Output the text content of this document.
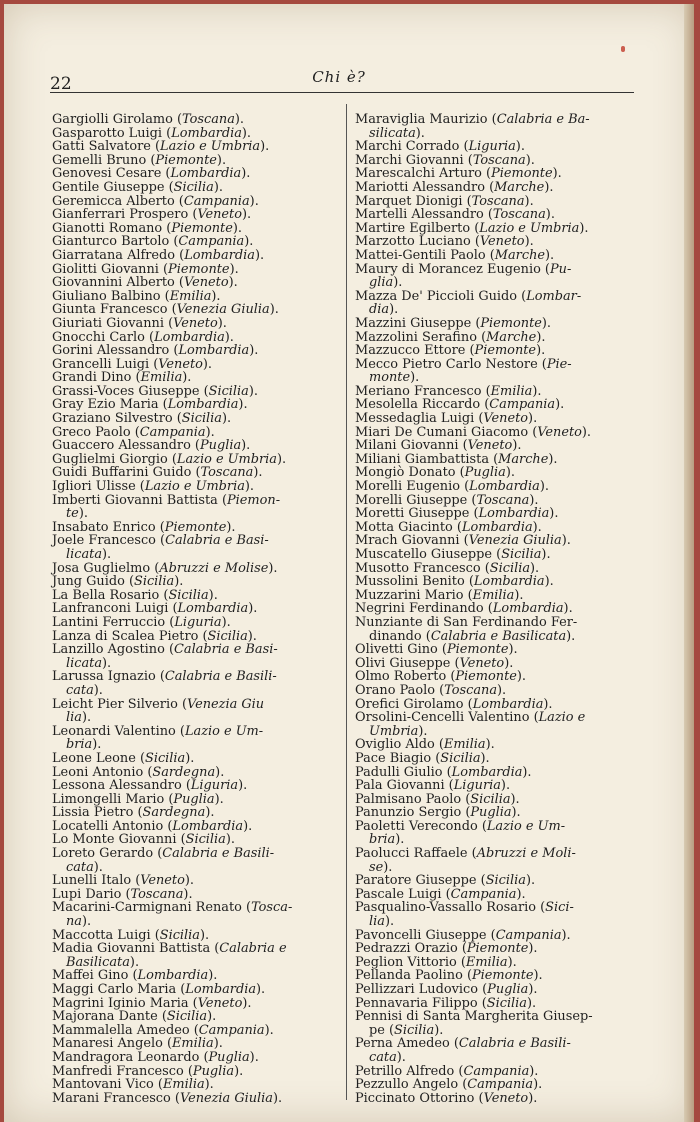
22	Chi è?
Gargiolli Girolamo (Toscana).
Gasparotto Luigi (Lombardia).
Gatti Salvatore (Lazio e Umbria).
Gemelli Bruno (Piemonte).
Genovesi Cesare (Lombardia).
Gentile Giuseppe (Sicilia).
Geremicca Alberto (Campania).
Gianferrari Prospero (Veneto).
Gianotti Romano (Piemonte).
Gianturco Bartolo (Campania).
Giarratana Alfredo (Lombardia).
Giolitti Giovanni (Piemonte).
Giovannini Alberto (Veneto).
Giuliano Balbino (Emilia).
Giunta Francesco (Venezia Giulia).
Giuriati Giovanni (Veneto).
Gnocchi Carlo (Lombardia).
Gorini Alessandro (Lombardia).
Grancelli Luigi (Veneto).
Grandi Dino (Emilia).
Grassi-Voces Giuseppe (Sicilia).
Gray Ezio Maria (Lombardia).
Graziano Silvestro (Sicilia).
Greco Paolo (Campania).
Guaccero Alessandro (Puglia).
Guglielmi Giorgio (Lazio e Umbria).
Guidi Buffarini Guido (Toscana).
Igliori Ulisse (Lazio e Umbria).
Imberti Giovanni Battista (Piemon-
te).
Insabato Enrico (Piemonte).
Joele Francesco (Calabria e Basi-
licata).
Josa Guglielmo (Abruzzi e Molise).
Jung Guido (Sicilia).
La Bella Rosario (Sicilia).
Lanfranconi Luigi (Lombardia).
Lantini Ferruccio (Liguria).
Lanza di Scalea Pietro (Sicilia).
Lanzillo Agostino (Calabria e Basi-
licata).
Larussa Ignazio (Calabria e Basili-
cata).
Leicht Pier Silverio (Venezia Giu
lia).
Leonardi Valentino (Lazio e Um-
bria).
Leone Leone (Sicilia).
Leoni Antonio (Sardegna).
Lessona Alessandro (Liguria).
Limongelli Mario (Puglia).
Lissia Pietro (Sardegna).
Locatelli Antonio (Lombardia).
Lo Monte Giovanni (Sicilia).
Loreto Gerardo (Calabria e Basili-
cata).
Lunelli Italo (Veneto).
Lupi Dario (Toscana).
Macarini-Carmignani Renato (Tosca-
na).
Maccotta Luigi (Sicilia).
Madia Giovanni Battista (Calabria e
Basilicata).
Maffei Gino (Lombardia).
Maggi Carlo Maria (Lombardia).
Magrini Iginio Maria (Veneto).
Majorana Dante (Sicilia).
Mammalella Amedeo (Campania).
Manaresi Angelo (Emilia).
Mandragora Leonardo (Puglia).
Manfredi Francesco (Puglia).
Mantovani Vico (Emilia).
Marani Francesco (Venezia Giulia).
Maraviglia Maurizio (Calabria e Ba-
silicata).
Marchi Corrado (Liguria).
Marchi Giovanni (Toscana).
Marescalchi Arturo (Piemonte).
Mariotti Alessandro (Marche).
Marquet Dionigi (Toscana).
Martelli Alessandro (Toscana).
Martire Egilberto (Lazio e Umbria).
Marzotto Luciano (Veneto).
Mattei-Gentili Paolo (Marche).
Maury di Morancez Eugenio (Pu-
glia).
Mazza De' Piccioli Guido (Lombar-
dia).
Mazzini Giuseppe (Piemonte).
Mazzolini Serafino (Marche).
Mazzucco Ettore (Piemonte).
Mecco Pietro Carlo Nestore (Pie-
monte).
Meriano Francesco (Emilia).
Mesolella Riccardo (Campania).
Messedaglia Luigi (Veneto).
Miari De Cumani Giacomo (Veneto).
Milani Giovanni (Veneto).
Miliani Giambattista (Marche).
Mongiò Donato (Puglia).
Morelli Eugenio (Lombardia).
Morelli Giuseppe (Toscana).
Moretti Giuseppe (Lombardia).
Motta Giacinto (Lombardia).
Mrach Giovanni (Venezia Giulia).
Muscatello Giuseppe (Sicilia).
Musotto Francesco (Sicilia).
Mussolini Benito (Lombardia).
Muzzarini Mario (Emilia).
Negrini Ferdinando (Lombardia).
Nunziante di San Ferdinando Fer-
dinando (Calabria e Basilicata).
Olivetti Gino (Piemonte).
Olivi Giuseppe (Veneto).
Olmo Roberto (Piemonte).
Orano Paolo (Toscana).
Orefici Girolamo (Lombardia).
Orsolini-Cencelli Valentino (Lazio e
Umbria).
Oviglio Aldo (Emilia).
Pace Biagio (Sicilia).
Padulli Giulio (Lombardia).
Pala Giovanni (Liguria).
Palmisano Paolo (Sicilia).
Panunzio Sergio (Puglia).
Paoletti Verecondo (Lazio e Um-
bria).
Paolucci Raffaele (Abruzzi e Moli-
se).
Paratore Giuseppe (Sicilia).
Pascale Luigi (Campania).
Pasqualino-Vassallo Rosario (Sici-
lia).
Pavoncelli Giuseppe (Campania).
Pedrazzi Orazio (Piemonte).
Peglion Vittorio (Emilia).
Pellanda Paolino (Piemonte).
Pellizzari Ludovico (Puglia).
Pennavaria Filippo (Sicilia).
Pennisi di Santa Margherita Giusep-
pe (Sicilia).
Perna Amedeo (Calabria e Basili-
cata).
Petrillo Alfredo (Campania).
Pezzullo Angelo (Campania).
Piccinato Ottorino (Veneto).
